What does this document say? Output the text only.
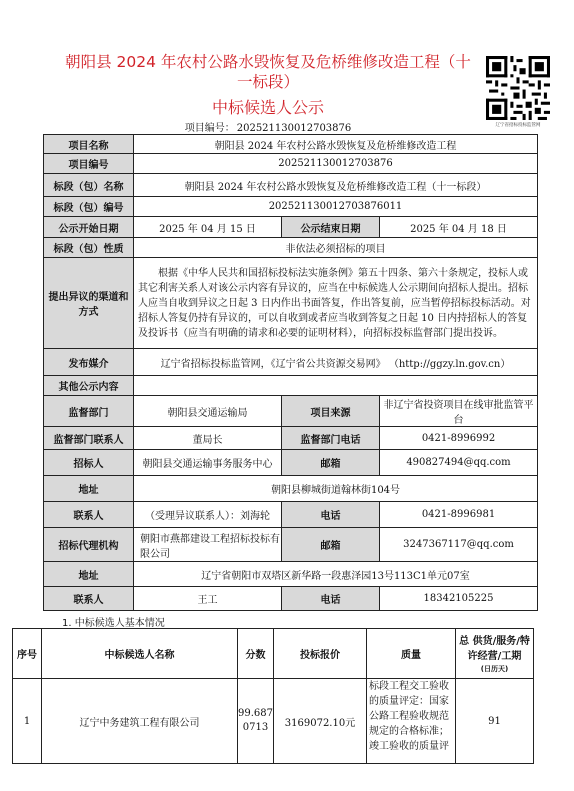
朝阳县 2024 年农村公路水毁恢复及危桥维修改造工程（十一标段）
中标候选人公示
项目编号： 202521130012703876	辽宁省招标投标监管网
项目名称	朝阳县 2024 年农村公路水毁恢复及危桥维修改造工程		
项目编号	202521130012703876		
标段（包）名称	朝阳县 2024 年农村公路水毁恢复及危桥维修改造工程（十一标段）		
标段（包）编号	202521130012703876011		
公示开始日期	2025 年 04 月 15 日	公示结束日期	2025 年 04 月 18 日
标段（包）性质	非依法必须招标的项目		
提出异议的渠道和方式	根据《中华人民共和国招标投标法实施条例》第五十四条、第六十条规定，投标人或其它利害关系人对该公示内容有异议的，应当在中标候选人公示期间向招标人提出。招标人应当自收到异议之日起 3 日内作出书面答复，作出答复前，应当暂停招标投标活动。对招标人答复仍持有异议的，可以自收到或者应当收到答复之日起 10 日内持招标人的答复及投诉书（应当有明确的请求和必要的证明材料），向招标投标监督部门提出投诉。		
发布媒介	辽宁省招标投标监管网，《辽宁省公共资源交易网》 （http://ggzy.ln.gov.cn）		
其他公示内容			
监督部门	朝阳县交通运输局	项目来源	非辽宁省投资项目在线审批监管平台
监督部门联系人	董局长	监督部门电话	0421-8996992
招标人	朝阳县交通运输事务服务中心	邮箱	490827494@qq.com
地址	朝阳县柳城街道翰林街104号		
联系人	（受理异议联系人）：刘海轮	电话	0421-8996981
招标代理机构	朝阳市燕都建设工程招标投标有限公司	邮箱	3247367117@qq.com
地址	辽宁省朝阳市双塔区新华路一段惠泽园13号113C1单元07室		
联系人	王工	电话	18342105225
1. 中标候选人基本情况
序号	中标候选人名称	分数	投标报价	质量	总 供货/服务/特许经营/工期
(日历天)

1	辽宁中务建筑工程有限公司	99.6870713	3169072.10元	标段工程交工验收的质量评定：国家公路工程验收规范规定的合格标准；竣工验收的质量评	91
